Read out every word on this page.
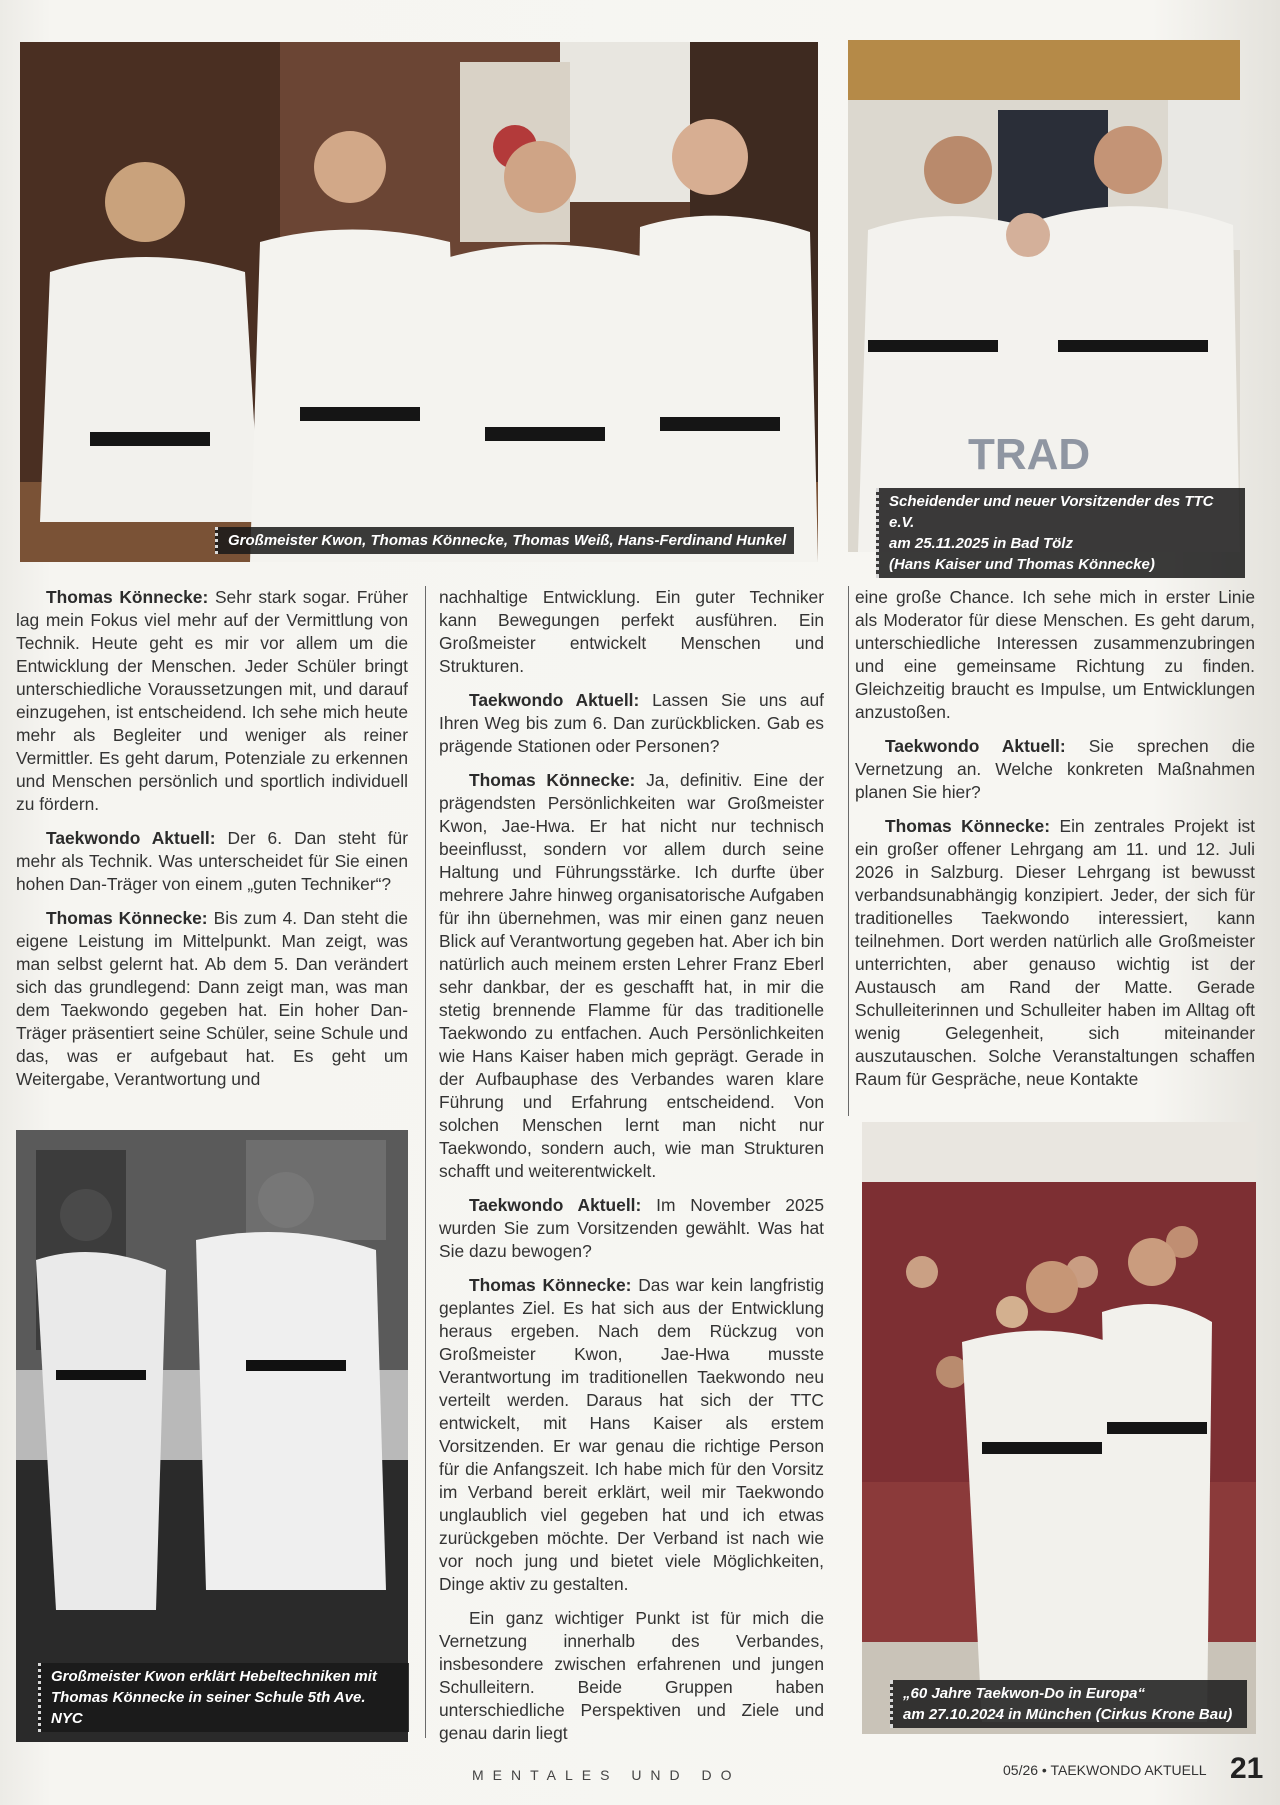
Großmeister Kwon, Thomas Könnecke, Thomas Weiß, Hans-Ferdinand Hunkel
TRAD
Scheidender und neuer Vorsitzender des TTC e.V.
am 25.11.2025 in Bad Tölz
(Hans Kaiser und Thomas Könnecke)

Thomas Könnecke: Sehr stark sogar. Früher lag mein Fokus viel mehr auf der Vermittlung von Technik. Heute geht es mir vor allem um die Entwicklung der Menschen. Jeder Schüler bringt unterschiedliche Voraussetzungen mit, und darauf einzugehen, ist entscheidend. Ich sehe mich heute mehr als Begleiter und weniger als reiner Vermittler. Es geht darum, Potenziale zu erkennen und Menschen persönlich und sportlich individuell zu fördern.

Taekwondo Aktuell: Der 6. Dan steht für mehr als Technik. Was unterscheidet für Sie einen hohen Dan-Träger von einem „guten Techniker“?

Thomas Könnecke: Bis zum 4. Dan steht die eigene Leistung im Mittelpunkt. Man zeigt, was man selbst gelernt hat. Ab dem 5. Dan verändert sich das grundlegend: Dann zeigt man, was man dem Taekwondo gegeben hat. Ein hoher Dan-Träger präsentiert seine Schüler, seine Schule und das, was er aufgebaut hat. Es geht um Weitergabe, Verantwortung und

Großmeister Kwon erklärt Hebeltechniken mit
Thomas Könnecke in seiner Schule 5th Ave. NYC

nachhaltige Entwicklung. Ein guter Techniker kann Bewegungen perfekt ausführen. Ein Großmeister entwickelt Menschen und Strukturen.

Taekwondo Aktuell: Lassen Sie uns auf Ihren Weg bis zum 6. Dan zurückblicken. Gab es prägende Stationen oder Personen?

Thomas Könnecke: Ja, definitiv. Eine der prägendsten Persönlichkeiten war Großmeister Kwon, Jae-Hwa. Er hat nicht nur technisch beeinflusst, sondern vor allem durch seine Haltung und Führungsstärke. Ich durfte über mehrere Jahre hinweg organisatorische Aufgaben für ihn übernehmen, was mir einen ganz neuen Blick auf Verantwortung gegeben hat. Aber ich bin natürlich auch meinem ersten Lehrer Franz Eberl sehr dankbar, der es geschafft hat, in mir die stetig brennende Flamme für das traditionelle Taekwondo zu entfachen. Auch Persönlichkeiten wie Hans Kaiser haben mich geprägt. Gerade in der Aufbauphase des Verbandes waren klare Führung und Erfahrung entscheidend. Von solchen Menschen lernt man nicht nur Taekwondo, sondern auch, wie man Strukturen schafft und weiterentwickelt.

Taekwondo Aktuell: Im November 2025 wurden Sie zum Vorsitzenden gewählt. Was hat Sie dazu bewogen?

Thomas Könnecke: Das war kein langfristig geplantes Ziel. Es hat sich aus der Entwicklung heraus ergeben. Nach dem Rückzug von Großmeister Kwon, Jae-Hwa musste Verantwortung im traditionellen Taekwondo neu verteilt werden. Daraus hat sich der TTC entwickelt, mit Hans Kaiser als erstem Vorsitzenden. Er war genau die richtige Person für die Anfangszeit. Ich habe mich für den Vorsitz im Verband bereit erklärt, weil mir Taekwondo unglaublich viel gegeben hat und ich etwas zurückgeben möchte. Der Verband ist nach wie vor noch jung und bietet viele Möglichkeiten, Dinge aktiv zu gestalten.

Ein ganz wichtiger Punkt ist für mich die Vernetzung innerhalb des Verbandes, insbesondere zwischen erfahrenen und jungen Schulleitern. Beide Gruppen haben unterschiedliche Perspektiven und Ziele und genau darin liegt

eine große Chance. Ich sehe mich in erster Linie als Moderator für diese Menschen. Es geht darum, unterschiedliche Interessen zusammenzubringen und eine gemeinsame Richtung zu finden. Gleichzeitig braucht es Impulse, um Entwicklungen anzustoßen.

Taekwondo Aktuell: Sie sprechen die Vernetzung an. Welche konkreten Maßnahmen planen Sie hier?

Thomas Könnecke: Ein zentrales Projekt ist ein großer offener Lehrgang am 11. und 12. Juli 2026 in Salzburg. Dieser Lehrgang ist bewusst verbandsunabhängig konzipiert. Jeder, der sich für traditionelles Taekwondo interessiert, kann teilnehmen. Dort werden natürlich alle Großmeister unterrichten, aber genauso wichtig ist der Austausch am Rand der Matte. Gerade Schulleiterinnen und Schulleiter haben im Alltag oft wenig Gelegenheit, sich miteinander auszutauschen. Solche Veranstaltungen schaffen Raum für Gespräche, neue Kontakte

„60 Jahre Taekwon-Do in Europa“
am 27.10.2024 in München (Cirkus Krone Bau)
MENTALES UND DO	05/26 • TAEKWONDO AKTUELL 21
